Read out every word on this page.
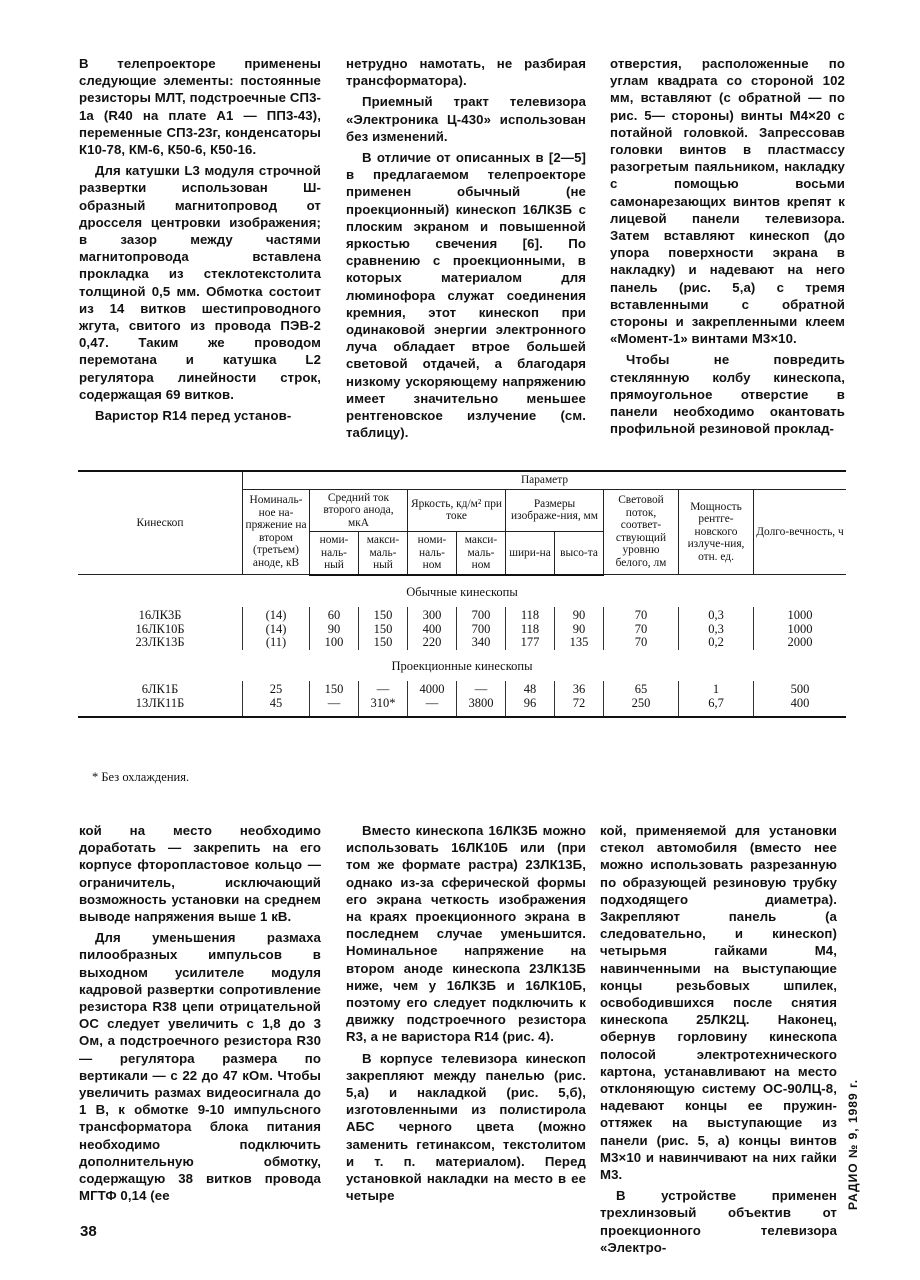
В телепроекторе применены следующие элементы: постоянные резисторы МЛТ, подстроечные СП3-1а (R40 на плате A1 — ПП3-43), переменные СП3-23г, конденсаторы К10-78, КМ-6, К50-6, К50-16.

Для катушки L3 модуля строчной развертки использован Ш-образный магнитопровод от дросселя центровки изображения; в зазор между частями магнитопровода вставлена прокладка из стеклотекстолита толщиной 0,5 мм. Обмотка состоит из 14 витков шестипроводного жгута, свитого из провода ПЭВ-2 0,47. Таким же проводом перемотана и катушка L2 регулятора линейности строк, содержащая 69 витков.

Варистор R14 перед установ-

нетрудно намотать, не разбирая трансформатора).

Приемный тракт телевизора «Электроника Ц-430» использован без изменений.

В отличие от описанных в [2—5] в предлагаемом телепроекторе применен обычный (не проекционный) кинескоп 16ЛК3Б с плоским экраном и повышенной яркостью свечения [6]. По сравнению с проекционными, в которых материалом для люминофора служат соединения кремния, этот кинескоп при одинаковой энергии электронного луча обладает втрое большей световой отдачей, а благодаря низкому ускоряющему напряжению имеет значительно меньшее рентгеновское излучение (см. таблицу).

отверстия, расположенные по углам квадрата со стороной 102 мм, вставляют (с обратной — по рис. 5— стороны) винты М4×20 с потайной головкой. Запрессовав головки винтов в пластмассу разогретым паяльником, накладку с помощью восьми самонарезающих винтов крепят к лицевой панели телевизора. Затем вставляют кинескоп (до упора поверхности экрана в накладку) и надевают на него панель (рис. 5,а) с тремя вставленными с обратной стороны и закрепленными клеем «Момент-1» винтами М3×10.

Чтобы не повредить стеклянную колбу кинескопа, прямоугольное отверстие в панели необходимо окантовать профильной резиновой проклад-

Кинескоп	Параметр									
	Номиналь-ное на-пряжение на втором (третьем) аноде, кВ	Средний ток второго анода, мкА		Яркость, кд/м² при токе		Размеры изображе-ния, мм		Световой поток, соответ-ствующий уровню белого, лм	Мощность рентге-новского излуче-ния, отн. ед.	Долго-вечность, ч
		номи-наль-ный	макси-маль-ный	номи-наль-ном	макси-маль-ном	шири-на	высо-та			
Обычные кинескопы										
16ЛК3Б	(14)	60	150	300	700	118	90	70	0,3	1000
16ЛК10Б	(14)	90	150	400	700	118	90	70	0,3	1000
23ЛК13Б	(11)	100	150	220	340	177	135	70	0,2	2000
Проекционные кинескопы										
6ЛК1Б	25	150	—	4000	—	48	36	65	1	500
13ЛК11Б	45	—	310*	—	3800	96	72	250	6,7	400
* Без охлаждения.

кой на место необходимо доработать — закрепить на его корпусе фторопластовое кольцо — ограничитель, исключающий возможность установки на среднем выводе напряжения выше 1 кВ.

Для уменьшения размаха пилообразных импульсов в выходном усилителе модуля кадровой развертки сопротивление резистора R38 цепи отрицательной ОС следует увеличить с 1,8 до 3 Ом, а подстроечного резистора R30 — регулятора размера по вертикали — с 22 до 47 кОм. Чтобы увеличить размах видеосигнала до 1 В, к обмотке 9-10 импульсного трансформатора блока питания необходимо подключить дополнительную обмотку, содержащую 38 витков провода МГТФ 0,14 (ее

Вместо кинескопа 16ЛК3Б можно использовать 16ЛК10Б или (при том же формате растра) 23ЛК13Б, однако из-за сферической формы его экрана четкость изображения на краях проекционного экрана в последнем случае уменьшится. Номинальное напряжение на втором аноде кинескопа 23ЛК13Б ниже, чем у 16ЛК3Б и 16ЛК10Б, поэтому его следует подключить к движку подстроечного резистора R3, а не варистора R14 (рис. 4).

В корпусе телевизора кинескоп закрепляют между панелью (рис. 5,а) и накладкой (рис. 5,б), изготовленными из полистирола АБС черного цвета (можно заменить гетинаксом, текстолитом и т. п. материалом). Перед установкой накладки на место в ее четыре

кой, применяемой для установки стекол автомобиля (вместо нее можно использовать разрезанную по образующей резиновую трубку подходящего диаметра). Закрепляют панель (а следовательно, и кинескоп) четырьмя гайками М4, навинченными на выступающие концы резьбовых шпилек, освободившихся после снятия кинескопа 25ЛК2Ц. Наконец, обернув горловину кинескопа полосой электротехнического картона, устанавливают на место отклоняющую систему ОС-90ЛЦ-8, надевают концы ее пружин-оттяжек на выступающие из панели (рис. 5, а) концы винтов М3×10 и навинчивают на них гайки М3.

В устройстве применен трехлинзовый объектив от проекционного телевизора «Электро-

38
РАДИО № 9, 1989 г.
